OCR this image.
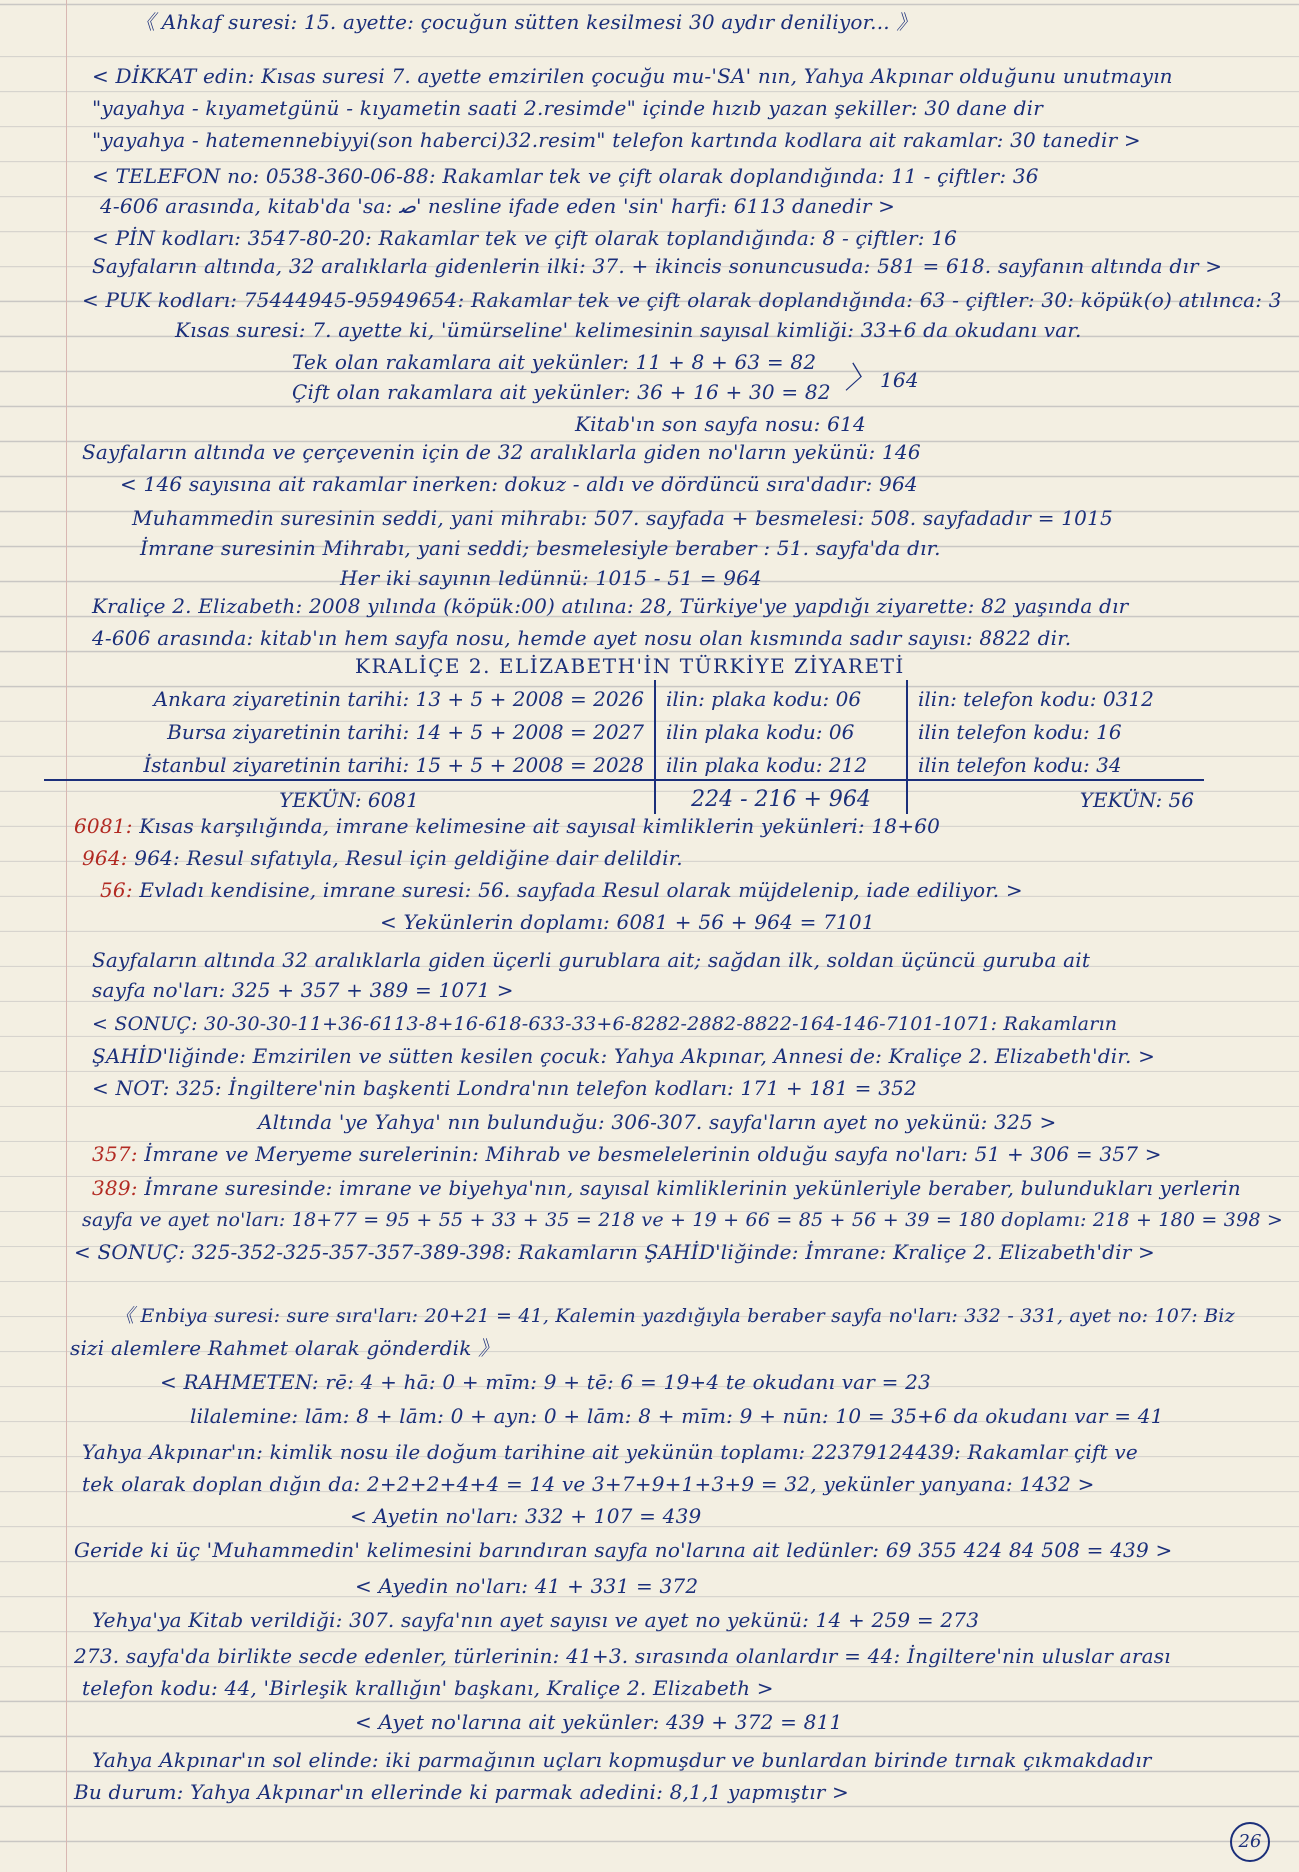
《 Ahkaf suresi: 15. ayette: çocuğun sütten kesilmesi 30 aydır deniliyor... 》
< DİKKAT edin: Kısas suresi 7. ayette emzirilen çocuğu mu-'SA' nın, Yahya Akpınar olduğunu unutmayın
"yayahya - kıyametgünü - kıyametin saati 2.resimde" içinde hızıb yazan şekiller: 30 dane dir
"yayahya - hatemennebiyyi(son haberci)32.resim" telefon kartında kodlara ait rakamlar: 30 tanedir >
< TELEFON no: 0538-360-06-88: Rakamlar tek ve çift olarak doplandığında: 11 - çiftler: 36
4-606 arasında, kitab'da 'sa: ﺻ' nesline ifade eden 'sin' harfi: 6113 danedir >
< PİN kodları: 3547-80-20: Rakamlar tek ve çift olarak toplandığında: 8 - çiftler: 16
Sayfaların altında, 32 aralıklarla gidenlerin ilki: 37. + ikincis sonuncusuda: 581 = 618. sayfanın altında dır >
< PUK kodları: 75444945-95949654: Rakamlar tek ve çift olarak doplandığında: 63 - çiftler: 30: köpük(o) atılınca: 3
Kısas suresi: 7. ayette ki, 'ümürseline' kelimesinin sayısal kimliği: 33+6 da okudanı var.
Tek olan rakamlara ait yekünler: 11 + 8 + 63 = 82
Çift olan rakamlara ait yekünler: 36 + 16 + 30 = 82 〉 164
Kitab'ın son sayfa nosu: 614
Sayfaların altında ve çerçevenin için de 32 aralıklarla giden no'ların yekünü: 146
< 146 sayısına ait rakamlar inerken: dokuz - aldı ve dördüncü sıra'dadır: 964
Muhammedin suresinin seddi, yani mihrabı: 507. sayfada + besmelesi: 508. sayfadadır = 1015
İmrane suresinin Mihrabı, yani seddi; besmelesiyle beraber : 51. sayfa'da dır.
Her iki sayının ledünnü: 1015 - 51 = 964
Kraliçe 2. Elizabeth: 2008 yılında (köpük:00) atılına: 28, Türkiye'ye yapdığı ziyarette: 82 yaşında dır
4-606 arasında: kitab'ın hem sayfa nosu, hemde ayet nosu olan kısmında sadır sayısı: 8822 dir.
KRALİÇE 2. ELİZABETH'İN TÜRKİYE ZİYARETİ
Ankara ziyaretinin tarihi: 13 + 5 + 2008 = 2026	ilin: plaka kodu: 06	ilin: telefon kodu: 0312
Bursa ziyaretinin tarihi: 14 + 5 + 2008 = 2027	ilin plaka kodu: 06	ilin telefon kodu: 16
İstanbul ziyaretinin tarihi: 15 + 5 + 2008 = 2028	ilin plaka kodu: 212	ilin telefon kodu: 34
YEKÜN: 6081	224 - 216 + 964	YEKÜN: 56
6081: Kısas karşılığında, imrane kelimesine ait sayısal kimliklerin yekünleri: 18+60
964: 964: Resul sıfatıyla, Resul için geldiğine dair delildir.
56: Evladı kendisine, imrane suresi: 56. sayfada Resul olarak müjdelenip, iade ediliyor. >
< Yekünlerin doplamı: 6081 + 56 + 964 = 7101
Sayfaların altında 32 aralıklarla giden üçerli gurublara ait; sağdan ilk, soldan üçüncü guruba ait
sayfa no'ları: 325 + 357 + 389 = 1071 >
< SONUÇ: 30-30-30-11+36-6113-8+16-618-633-33+6-8282-2882-8822-164-146-7101-1071: Rakamların
ŞAHİD'liğinde: Emzirilen ve sütten kesilen çocuk: Yahya Akpınar, Annesi de: Kraliçe 2. Elizabeth'dir. >
< NOT: 325: İngiltere'nin başkenti Londra'nın telefon kodları: 171 + 181 = 352
Altında 'ye Yahya' nın bulunduğu: 306-307. sayfa'ların ayet no yekünü: 325 >
357: İmrane ve Meryeme surelerinin: Mihrab ve besmelelerinin olduğu sayfa no'ları: 51 + 306 = 357 >
389: İmrane suresinde: imrane ve biyehya'nın, sayısal kimliklerinin yekünleriyle beraber, bulundukları yerlerin
sayfa ve ayet no'ları: 18+77 = 95 + 55 + 33 + 35 = 218 ve + 19 + 66 = 85 + 56 + 39 = 180 doplamı: 218 + 180 = 398 >
< SONUÇ: 325-352-325-357-357-389-398: Rakamların ŞAHİD'liğinde: İmrane: Kraliçe 2. Elizabeth'dir >
《 Enbiya suresi: sure sıra'ları: 20+21 = 41, Kalemin yazdığıyla beraber sayfa no'ları: 332 - 331, ayet no: 107: Biz
sizi alemlere Rahmet olarak gönderdik 》
< RAHMETEN: rē: 4 + hā: 0 + mīm: 9 + tē: 6 = 19+4 te okudanı var = 23
lilalemine: lām: 8 + lām: 0 + ayn: 0 + lām: 8 + mīm: 9 + nūn: 10 = 35+6 da okudanı var = 41
Yahya Akpınar'ın: kimlik nosu ile doğum tarihine ait yekünün toplamı: 22379124439: Rakamlar çift ve
tek olarak doplan dığın da: 2+2+2+4+4 = 14 ve 3+7+9+1+3+9 = 32, yekünler yanyana: 1432 >
< Ayetin no'ları: 332 + 107 = 439
Geride ki üç 'Muhammedin' kelimesini barındıran sayfa no'larına ait ledünler: 69 355 424 84 508 = 439 >
< Ayedin no'ları: 41 + 331 = 372
Yehya'ya Kitab verildiği: 307. sayfa'nın ayet sayısı ve ayet no yekünü: 14 + 259 = 273
273. sayfa'da birlikte secde edenler, türlerinin: 41+3. sırasında olanlardır = 44: İngiltere'nin uluslar arası
telefon kodu: 44, 'Birleşik krallığın' başkanı, Kraliçe 2. Elizabeth >
< Ayet no'larına ait yekünler: 439 + 372 = 811
Yahya Akpınar'ın sol elinde: iki parmağının uçları kopmuşdur ve bunlardan birinde tırnak çıkmakdadır
Bu durum: Yahya Akpınar'ın ellerinde ki parmak adedini: 8,1,1 yapmıştır >
26
